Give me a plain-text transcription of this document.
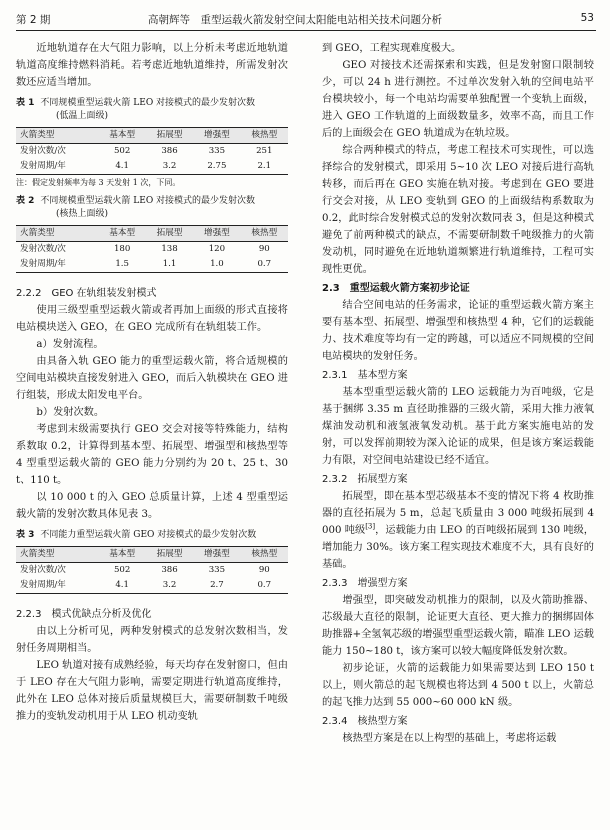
第 2 期	高朝辉等　重型运载火箭发射空间太阳能电站相关技术问题分析	53

近地轨道存在大气阻力影响，以上分析未考虑近地轨道轨道高度维持燃料消耗。若考虑近地轨道维持，所需发射次数还应适当增加。

表 1 不同规模重型运载火箭 LEO 对接模式的最少发射次数
(低温上面级)
火箭类型	基本型	拓展型	增强型	核热型
发射次数/次	502	386	335	251
发射周期/年	4.1	3.2	2.75	2.1
注：假定发射频率为每 3 天发射 1 次，下同。
表 2 不同规模重型运载火箭 LEO 对接模式的最少发射次数
(核热上面级)
火箭类型	基本型	拓展型	增强型	核热型
发射次数/次	180	138	120	90
发射周期/年	1.5	1.1	1.0	0.7
2.2.2　GEO 在轨组装发射模式

使用三级型重型运载火箭或者再加上面级的形式直接将电站模块送入 GEO，在 GEO 完成所有在轨组装工作。

a）发射流程。

由具备入轨 GEO 能力的重型运载火箭，将合适规模的空间电站模块直接发射进入 GEO，而后入轨模块在 GEO 进行组装，形成太阳发电平台。

b）发射次数。

考虑到末级需要执行 GEO 交会对接等特殊能力，结构系数取 0.2，计算得到基本型、拓展型、增强型和核热型等 4 型重型运载火箭的 GEO 能力分别约为 20 t、25 t、30 t、110 t。

以 10 000 t 的入 GEO 总质量计算，上述 4 型重型运载火箭的发射次数具体见表 3。

表 3 不同能力重型运载火箭 GEO 对接模式的最少发射次数
火箭类型	基本型	拓展型	增强型	核热型
发射次数/次	502	386	335	90
发射周期/年	4.1	3.2	2.7	0.7
2.2.3　模式优缺点分析及优化

由以上分析可见，两种发射模式的总发射次数相当，发射任务周期相当。

LEO 轨道对接有成熟经验，每天均存在发射窗口，但由于 LEO 存在大气阻力影响，需要定期进行轨道高度维持，此外在 LEO 总体对接后质量规模巨大，需要研制数千吨级推力的变轨发动机用于从 LEO 机动变轨

到 GEO，工程实现难度极大。

GEO 对接技术还需探索和实践，但是发射窗口限制较少，可以 24 h 进行测控。不过单次发射入轨的空间电站平台模块较小，每一个电站均需要单独配置一个变轨上面级，进入 GEO 工作轨道的上面级数量多，效率不高，而且工作后的上面级会在 GEO 轨道成为在轨垃圾。

综合两种模式的特点，考虑工程技术可实现性，可以选择综合的发射模式，即采用 5~10 次 LEO 对接后进行高轨转移，而后再在 GEO 实施在轨对接。考虑到在 GEO 要进行交会对接，从 LEO 变轨到 GEO 的上面级结构系数取为 0.2，此时综合发射模式总的发射次数同表 3，但是这种模式避免了前两种模式的缺点，不需要研制数千吨级推力的火箭发动机，同时避免在近地轨道频繁进行轨道维持，工程可实现性更优。

2.3　重型运载火箭方案初步论证

结合空间电站的任务需求，论证的重型运载火箭方案主要有基本型、拓展型、增强型和核热型 4 种，它们的运载能力、技术难度等均有一定的跨越，可以适应不同规模的空间电站模块的发射任务。

2.3.1　基本型方案

基本型重型运载火箭的 LEO 运载能力为百吨级，它是基于捆绑 3.35 m 直径助推器的三级火箭，采用大推力液氧煤油发动机和液氢液氧发动机。基于此方案实施电站的发射，可以发挥前期较为深入论证的成果，但是该方案运载能力有限，对空间电站建设已经不适宜。

2.3.2　拓展型方案

拓展型，即在基本型芯级基本不变的情况下将 4 枚助推器的直径拓展为 5 m，总起飞质量由 3 000 吨级拓展到 4 000 吨级[3]，运载能力由 LEO 的百吨级拓展到 130 吨级，增加能力 30%。该方案工程实现技术难度不大，具有良好的基础。

2.3.3　增强型方案

增强型，即突破发动机推力的限制，以及火箭助推器、芯级最大直径的限制，论证更大直径、更大推力的捆绑固体助推器+全氢氧芯级的增强型重型运载火箭，瞄准 LEO 运载能力 150~180 t，该方案可以较大幅度降低发射次数。

初步论证，火箭的运载能力如果需要达到 LEO 150 t 以上，则火箭总的起飞规模也将达到 4 500 t 以上，火箭总的起飞推力达到 55 000~60 000 kN 级。

2.3.4　核热型方案

核热型方案是在以上构型的基础上，考虑将运载
